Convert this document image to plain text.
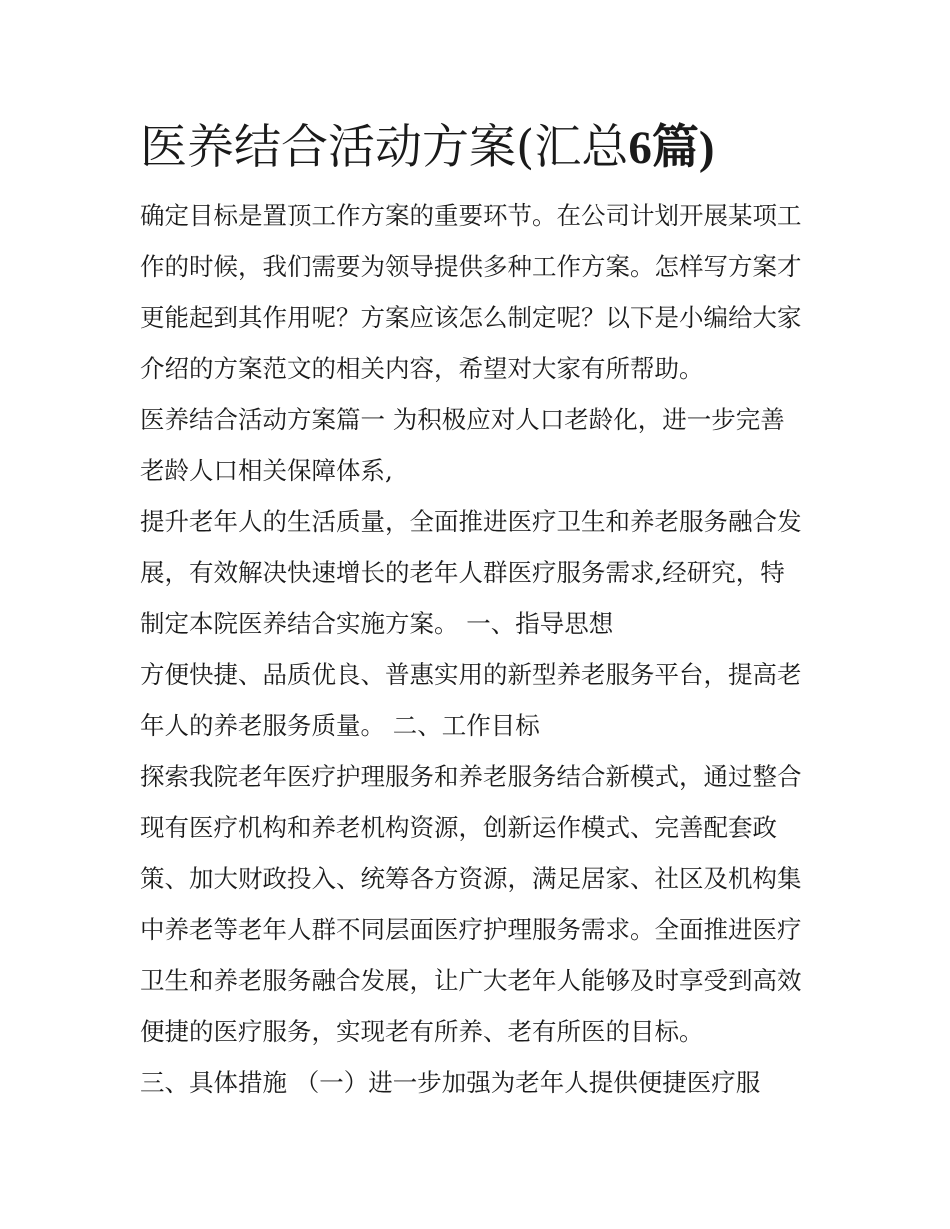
医养结合活动方案(汇总6篇)
确定目标是置顶工作方案的重要环节。在公司计划开展某项工
作的时候，我们需要为领导提供多种工作方案。怎样写方案才
更能起到其作用呢？方案应该怎么制定呢？以下是小编给大家
介绍的方案范文的相关内容，希望对大家有所帮助。
医养结合活动方案篇一 为积极应对人口老龄化，进一步完善
老龄人口相关保障体系,
提升老年人的生活质量，全面推进医疗卫生和养老服务融合发
展，有效解决快速增长的老年人群医疗服务需求,经研究，特
制定本院医养结合实施方案。 一、指导思想
方便快捷、品质优良、普惠实用的新型养老服务平台，提高老
年人的养老服务质量。 二、工作目标
探索我院老年医疗护理服务和养老服务结合新模式，通过整合
现有医疗机构和养老机构资源，创新运作模式、完善配套政
策、加大财政投入、统筹各方资源，满足居家、社区及机构集
中养老等老年人群不同层面医疗护理服务需求。全面推进医疗
卫生和养老服务融合发展，让广大老年人能够及时享受到高效
便捷的医疗服务，实现老有所养、老有所医的目标。
三、具体措施 （一）进一步加强为老年人提供便捷医疗服
